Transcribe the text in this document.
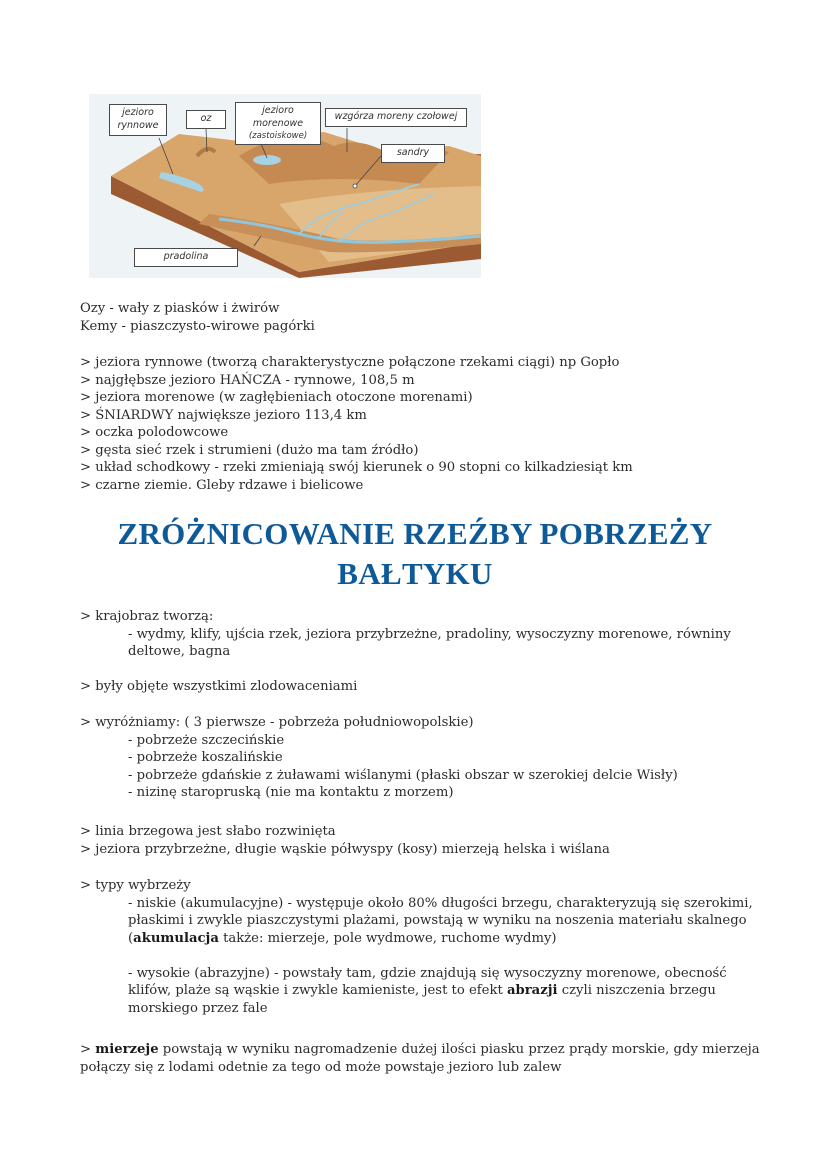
jezioro
rynnowe
oz
jezioro morenowe
(zastoiskowe)
wzgórza moreny czołowej
sandry
pradolina

Ozy - wały z piasków i żwirów

Kemy - piaszczysto-wirowe pagórki

> jeziora rynnowe (tworzą charakterystyczne połączone rzekami ciągi) np Gopło

> najgłębsze jezioro HAŃCZA - rynnowe, 108,5 m

> jeziora morenowe (w zagłębieniach otoczone morenami)

> ŚNIARDWY największe jezioro 113,4 km

> oczka polodowcowe

> gęsta sieć rzek i strumieni (dużo ma tam źródło)

> układ schodkowy - rzeki zmieniają swój kierunek o 90 stopni co kilkadziesiąt km

> czarne ziemie. Gleby rdzawe i bielicowe

ZRÓŻNICOWANIE RZEŹBY POBRZEŻY
BAŁTYKU

> krajobraz tworzą:

- wydmy, klify, ujścia rzek, jeziora przybrzeżne, pradoliny, wysoczyzny morenowe, równiny

deltowe, bagna

> były objęte wszystkimi zlodowaceniami

> wyróżniamy: ( 3 pierwsze - pobrzeża południowopolskie)

- pobrzeże szczecińskie

- pobrzeże koszalińskie

- pobrzeże gdańskie z żuławami wiślanymi (płaski obszar w szerokiej delcie Wisły)

- nizinę staropruską (nie ma kontaktu z morzem)

> linia brzegowa jest słabo rozwinięta

> jeziora przybrzeżne, długie wąskie półwyspy (kosy) mierzeją helska i wiślana

> typy wybrzeży

- niskie (akumulacyjne) - występuje około 80% długości brzegu, charakteryzują się szerokimi,

płaskimi i zwykle piaszczystymi plażami, powstają w wyniku na noszenia materiału skalnego

(akumulacja także: mierzeje, pole wydmowe, ruchome wydmy)

- wysokie (abrazyjne) - powstały tam, gdzie znajdują się wysoczyzny morenowe, obecność

klifów, plaże są wąskie i zwykle kamieniste, jest to efekt abrazji czyli niszczenia brzegu

morskiego przez fale

> mierzeje powstają w wyniku nagromadzenie dużej ilości piasku przez prądy morskie, gdy mierzeja

połączy się z lodami odetnie za tego od może powstaje jezioro lub zalew
